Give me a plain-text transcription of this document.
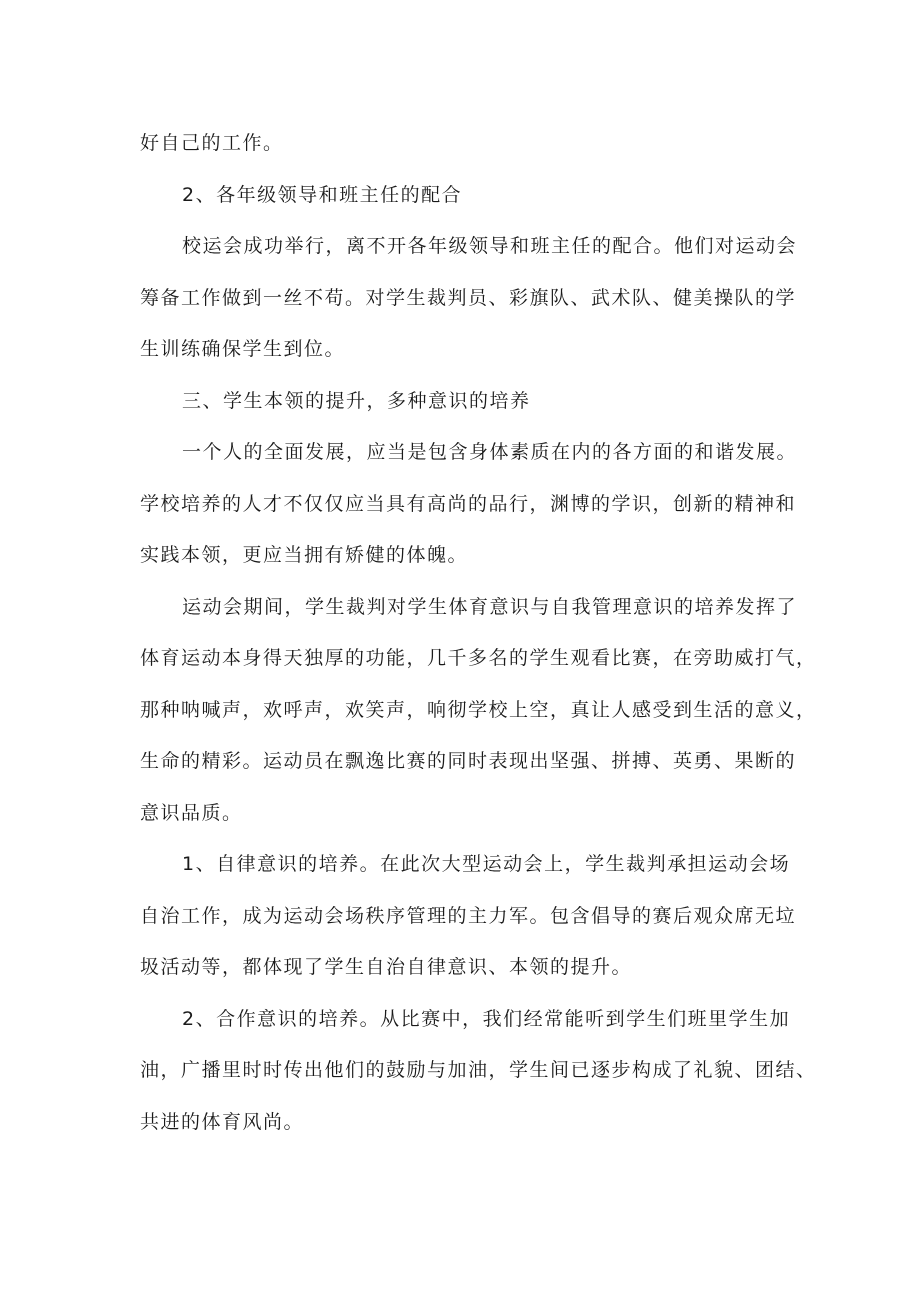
好自己的工作。
2、各年级领导和班主任的配合
校运会成功举行，离不开各年级领导和班主任的配合。他们对运动会
筹备工作做到一丝不苟。对学生裁判员、彩旗队、武术队、健美操队的学
生训练确保学生到位。
三、学生本领的提升，多种意识的培养
一个人的全面发展，应当是包含身体素质在内的各方面的和谐发展。
学校培养的人才不仅仅应当具有高尚的品行，渊博的学识，创新的精神和
实践本领，更应当拥有矫健的体魄。
运动会期间，学生裁判对学生体育意识与自我管理意识的培养发挥了
体育运动本身得天独厚的功能，几千多名的学生观看比赛，在旁助威打气，
那种呐喊声，欢呼声，欢笑声，响彻学校上空，真让人感受到生活的意义，
生命的精彩。运动员在飘逸比赛的同时表现出坚强、拼搏、英勇、果断的
意识品质。
1、自律意识的培养。在此次大型运动会上，学生裁判承担运动会场
自治工作，成为运动会场秩序管理的主力军。包含倡导的赛后观众席无垃
圾活动等，都体现了学生自治自律意识、本领的提升。
2、合作意识的培养。从比赛中，我们经常能听到学生们班里学生加
油，广播里时时传出他们的鼓励与加油，学生间已逐步构成了礼貌、团结、
共进的体育风尚。
